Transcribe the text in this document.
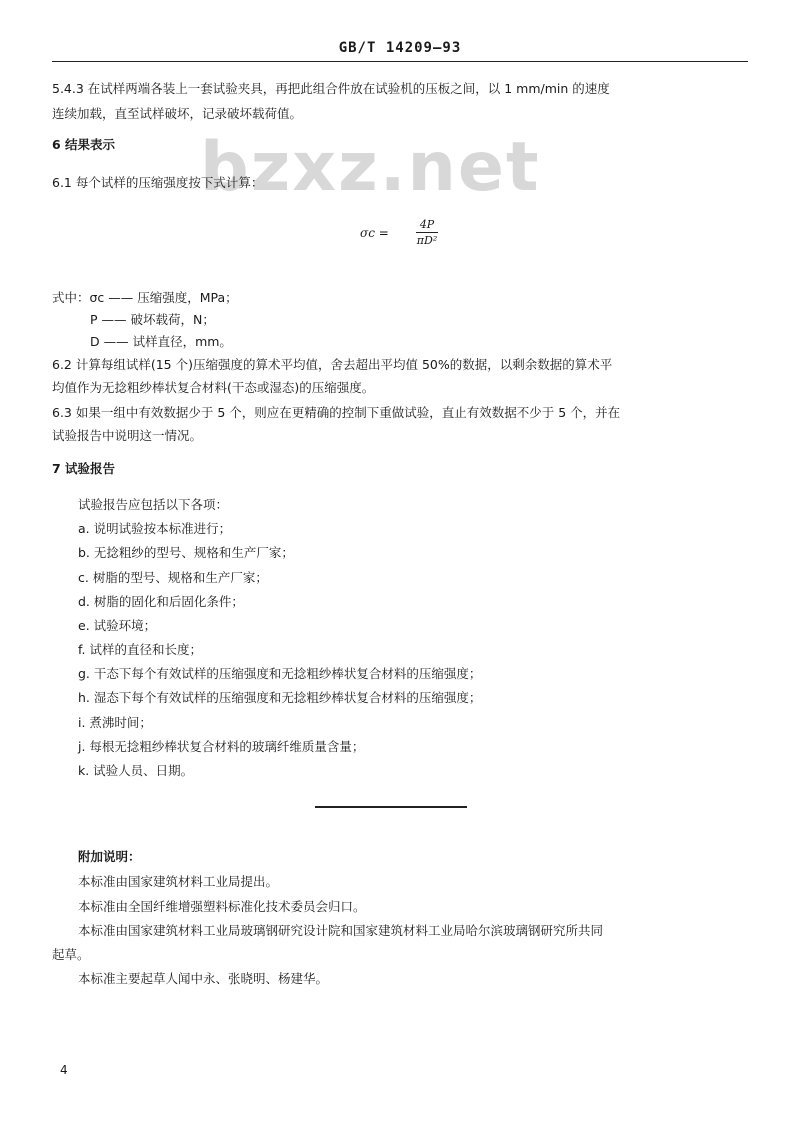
GB/T 14209—93
bzxz.net
5.4.3 在试样两端各装上一套试验夹具，再把此组合件放在试验机的压板之间，以 1 mm/min 的速度
连续加载，直至试样破坏，记录破坏载荷值。
6 结果表示
6.1 每个试样的压缩强度按下式计算：
$\sigma c = \frac{4P}{\text{πD²}}$
式中：σc —— 压缩强度，MPa；
P —— 破坏载荷，N；
D —— 试样直径，mm。
6.2 计算每组试样(15 个)压缩强度的算术平均值，舍去超出平均值 50%的数据，以剩余数据的算术平
均值作为无捻粗纱棒状复合材料(干态或湿态)的压缩强度。
6.3 如果一组中有效数据少于 5 个，则应在更精确的控制下重做试验，直止有效数据不少于 5 个，并在
试验报告中说明这一情况。
7 试验报告
试验报告应包括以下各项：
a. 说明试验按本标准进行；
b. 无捻粗纱的型号、规格和生产厂家；
c. 树脂的型号、规格和生产厂家；
d. 树脂的固化和后固化条件；
e. 试验环境；
f. 试样的直径和长度；
g. 干态下每个有效试样的压缩强度和无捻粗纱棒状复合材料的压缩强度；
h. 湿态下每个有效试样的压缩强度和无捻粗纱棒状复合材料的压缩强度；
i. 煮沸时间；
j. 每根无捻粗纱棒状复合材料的玻璃纤维质量含量；
k. 试验人员、日期。
附加说明：
本标准由国家建筑材料工业局提出。
本标准由全国纤维增强塑料标准化技术委员会归口。
本标准由国家建筑材料工业局玻璃钢研究设计院和国家建筑材料工业局哈尔滨玻璃钢研究所共同
起草。
本标准主要起草人闻中永、张晓明、杨建华。
4
